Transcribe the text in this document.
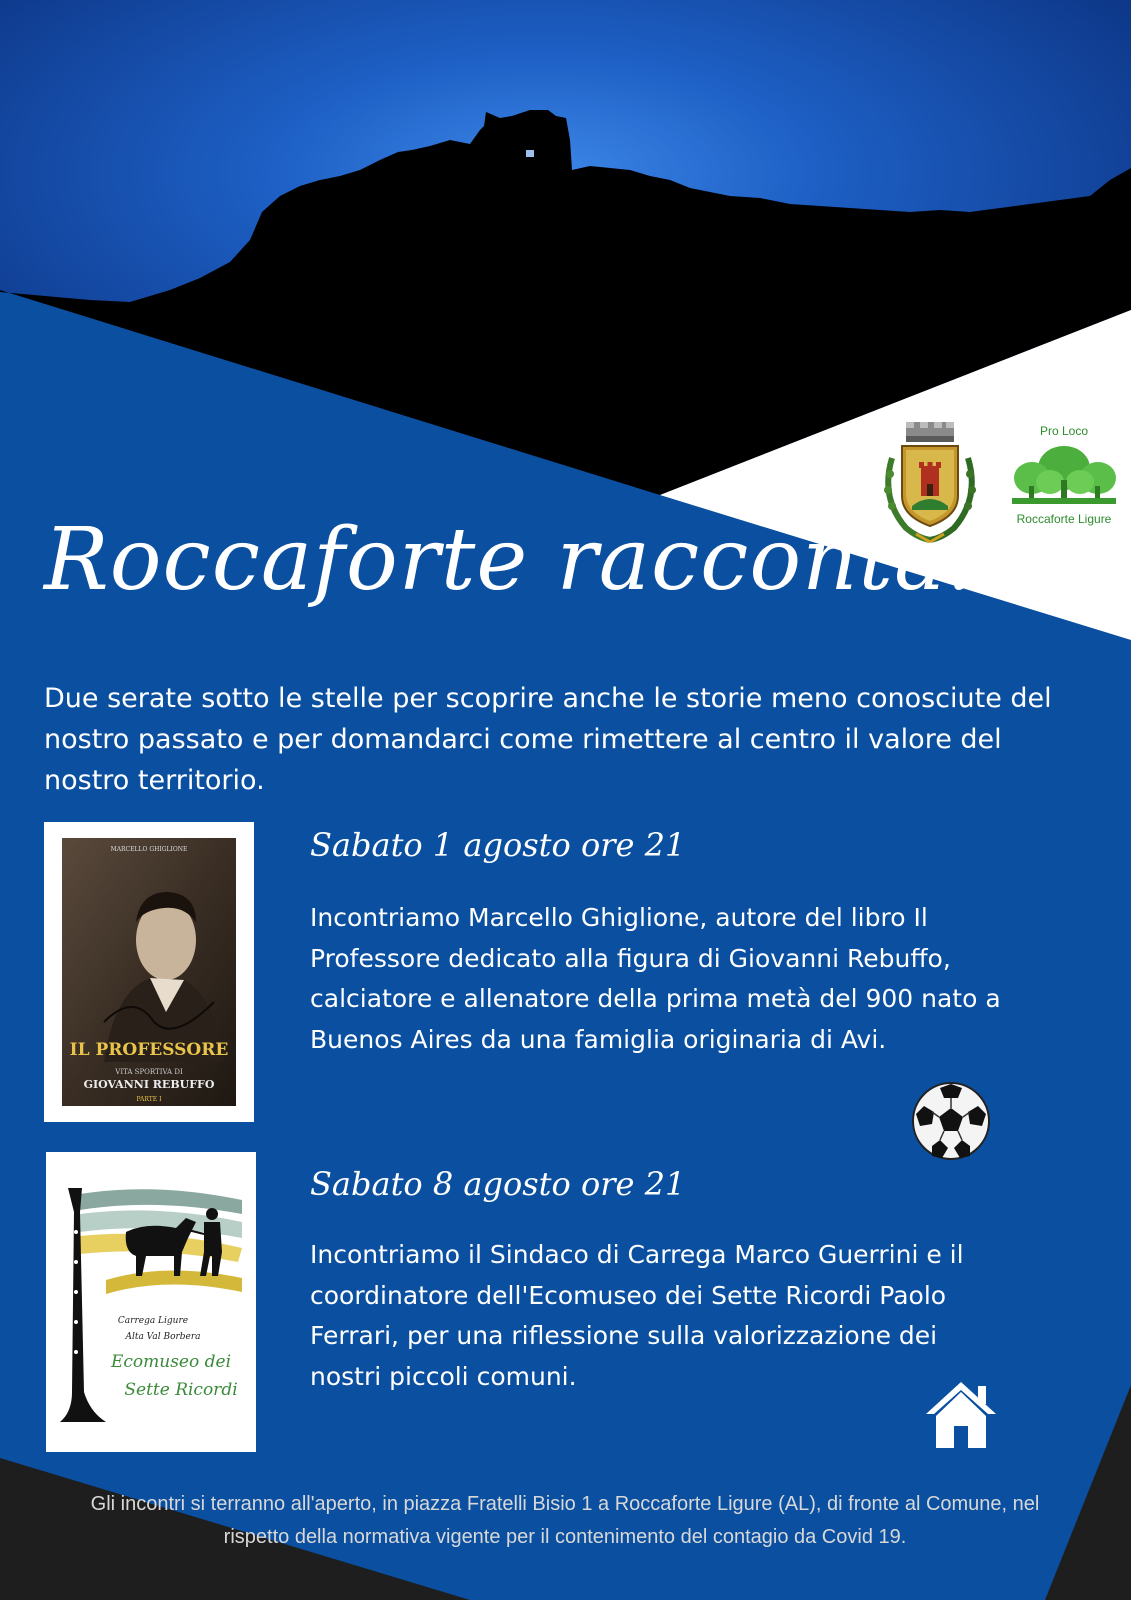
Pro Loco
Roccaforte Ligure
Roccaforte racconta...
Due serate sotto le stelle per scoprire anche le storie meno conosciute del nostro passato e per domandarci come rimettere al centro il valore del nostro territorio.
MARCELLO GHIGLIONE
IL PROFESSORE
VITA SPORTIVA DI
GIOVANNI REBUFFO
PARTE I
Sabato 1 agosto ore 21
Incontriamo Marcello Ghiglione, autore del libro Il Professore dedicato alla figura di Giovanni Rebuffo, calciatore e allenatore della prima metà del 900 nato a Buenos Aires da una famiglia originaria di Avi.
Carrega Ligure
Alta Val Borbera
Ecomuseo dei
Sette Ricordi
Sabato 8 agosto ore 21
Incontriamo il Sindaco di Carrega Marco Guerrini e il coordinatore dell'Ecomuseo dei Sette Ricordi Paolo Ferrari, per una riflessione sulla valorizzazione dei nostri piccoli comuni.
Gli incontri si terranno all'aperto, in piazza Fratelli Bisio 1 a Roccaforte Ligure (AL), di fronte al Comune, nel rispetto della normativa vigente per il contenimento del contagio da Covid 19.
